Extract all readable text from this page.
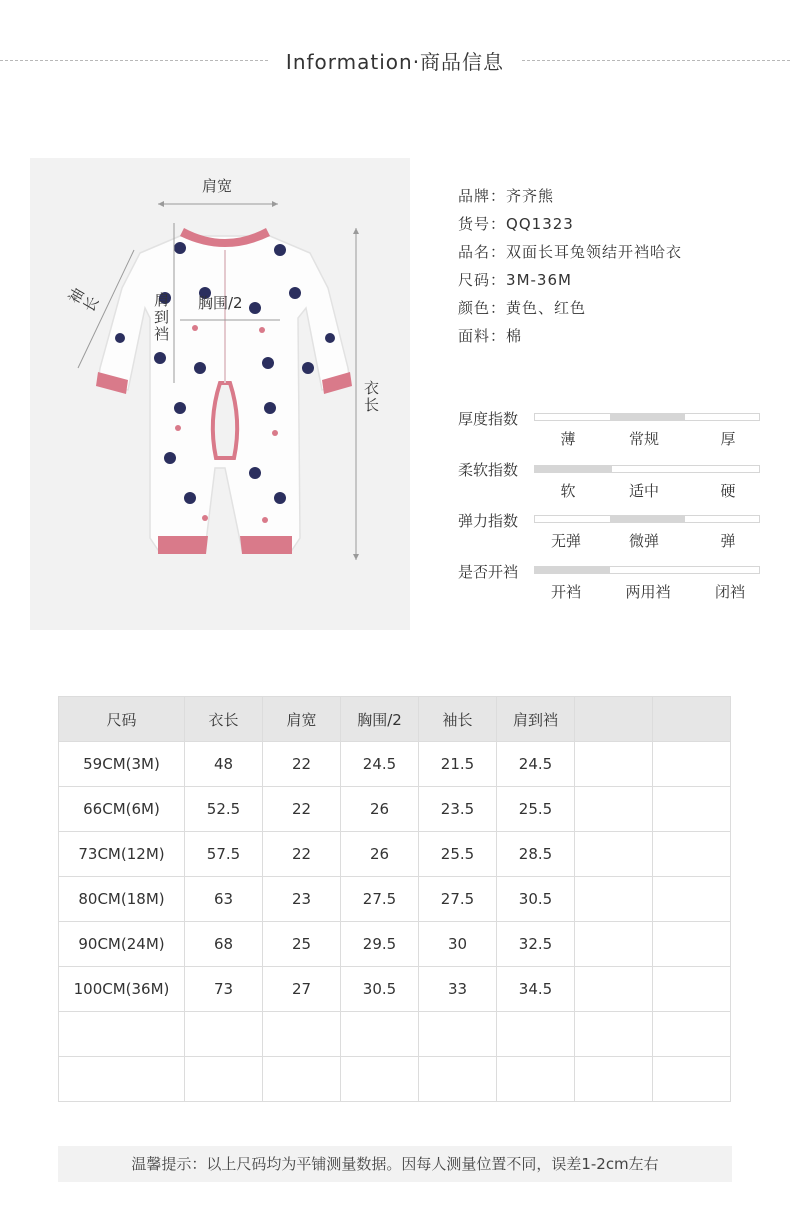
Information·商品信息
肩宽
袖长	肩到裆
胸围/2
衣长
品牌：齐齐熊
货号：QQ1323
品名：双面长耳兔领结开裆哈衣
尺码：3M-36M
颜色：黄色、红色
面料：棉
厚度指数
薄	常规	厚
柔软指数
软	适中	硬
弹力指数
无弹	微弹	弹
是否开裆
开裆	两用裆	闭裆
尺码	衣长	肩宽	胸围/2	袖长	肩到裆		
59CM(3M)	48	22	24.5	21.5	24.5		
66CM(6M)	52.5	22	26	23.5	25.5		
73CM(12M)	57.5	22	26	25.5	28.5		
80CM(18M)	63	23	27.5	27.5	30.5		
90CM(24M)	68	25	29.5	30	32.5		
100CM(36M)	73	27	30.5	33	34.5		

温馨提示：以上尺码均为平铺测量数据。因每人测量位置不同，误差1-2cm左右
